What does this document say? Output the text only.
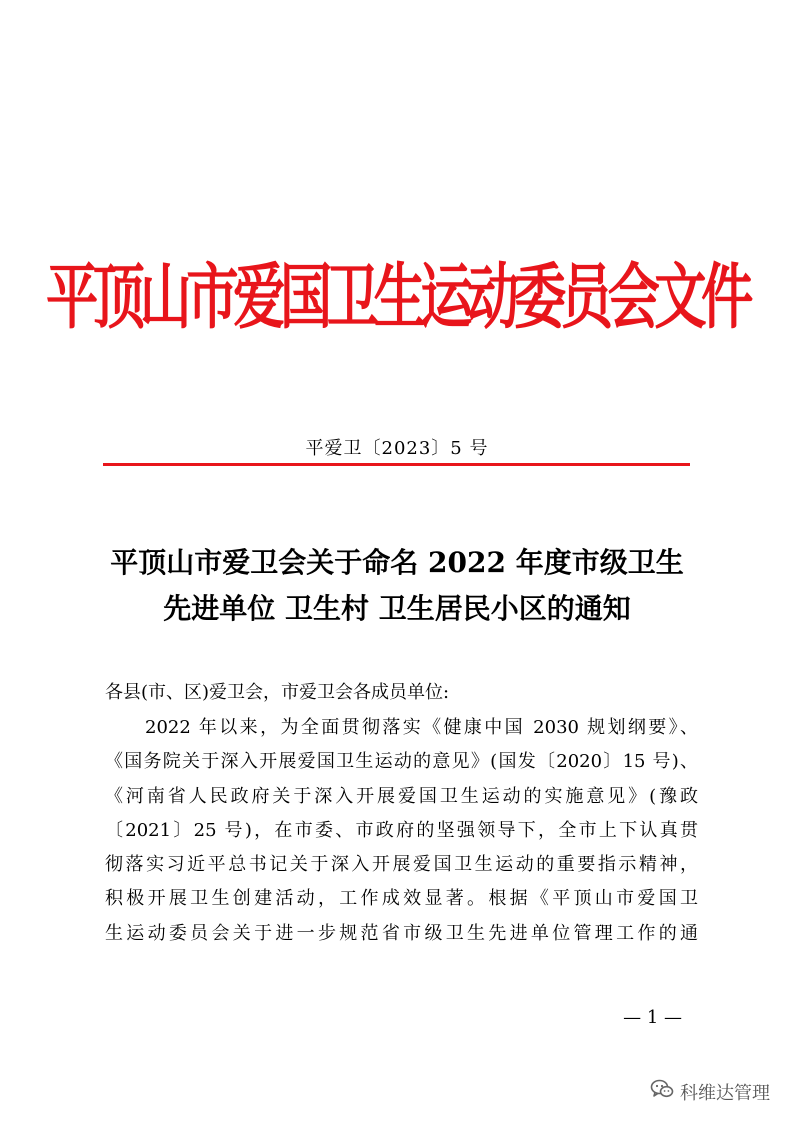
平顶山市爱国卫生运动委员会文件
平爱卫〔2023〕5 号
平顶山市爱卫会关于命名 2022 年度市级卫生
先进单位 卫生村 卫生居民小区的通知
各县(市、区)爱卫会，市爱卫会各成员单位:
2022 年以来，为全面贯彻落实《健康中国 2030 规划纲要》、
《国务院关于深入开展爱国卫生运动的意见》(国发〔2020〕15 号)、
《河南省人民政府关于深入开展爱国卫生运动的实施意见》(豫政
〔2021〕25 号)，在市委、市政府的坚强领导下，全市上下认真贯
彻落实习近平总书记关于深入开展爱国卫生运动的重要指示精神，
积极开展卫生创建活动，工作成效显著。根据《平顶山市爱国卫
生运动委员会关于进一步规范省市级卫生先进单位管理工作的通
— 1 —
科维达管理
